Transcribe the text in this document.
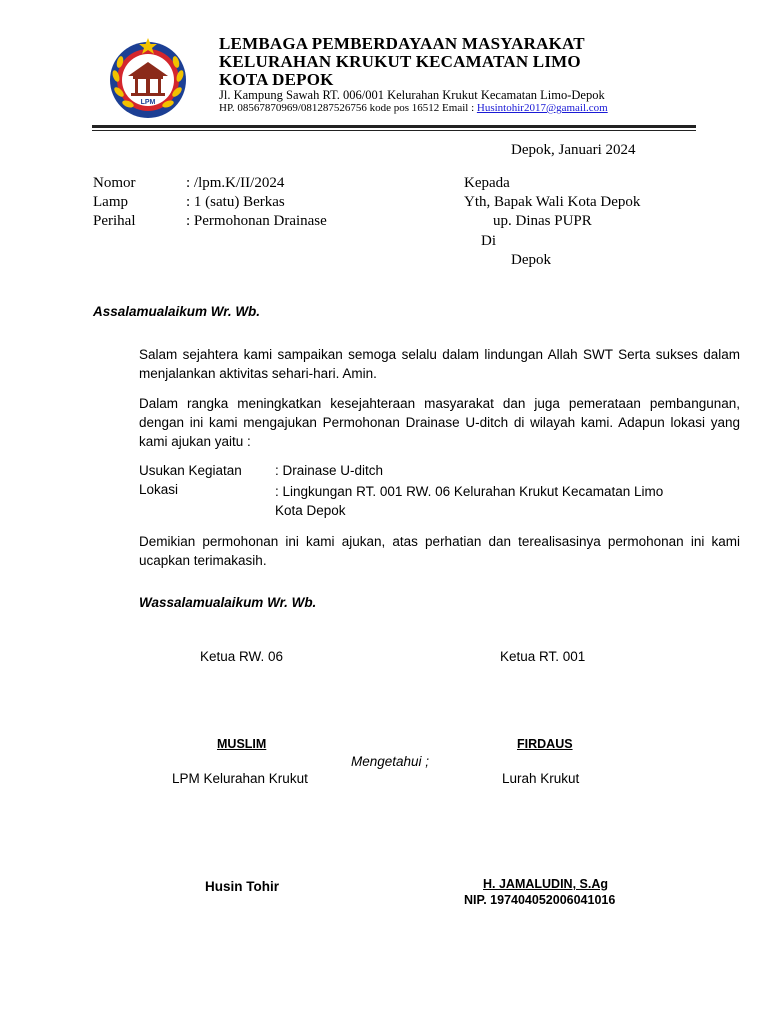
LPM
LEMBAGA PEMBERDAYAAN MASYARAKAT
KELURAHAN KRUKUT KECAMATAN LIMO
KOTA DEPOK
Jl. Kampung Sawah RT. 006/001 Kelurahan Krukut Kecamatan Limo-Depok
HP. 08567870969/081287526756 kode pos 16512 Email : Husintohir2017@gamail.com
Depok, Januari 2024
Nomor	: /lpm.K/II/2024
Lamp	: 1 (satu) Berkas
Perihal	: Permohonan Drainase
Kepada
Yth, Bapak Wali Kota Depok
up. Dinas PUPR
Di
Depok
Assalamualaikum Wr. Wb.
Salam sejahtera kami sampaikan semoga selalu dalam lindungan Allah SWT Serta sukses dalam menjalankan aktivitas sehari-hari. Amin.
Dalam rangka meningkatkan kesejahteraan masyarakat dan juga pemerataan pembangunan, dengan ini kami mengajukan Permohonan Drainase U-ditch di wilayah kami. Adapun lokasi yang kami ajukan yaitu :
Usukan Kegiatan : Drainase U-ditch
Lokasi	: Lingkungan RT. 001 RW. 06 Kelurahan Krukut Kecamatan Limo Kota Depok
Demikian permohonan ini kami ajukan, atas perhatian dan terealisasinya permohonan ini kami ucapkan terimakasih.
Wassalamualaikum Wr. Wb.
Ketua RW. 06	Ketua RT. 001
MUSLIM	FIRDAUS
Mengetahui ;
LPM Kelurahan Krukut	Lurah Krukut
Husin Tohir	H. JAMALUDIN, S.Ag
NIP. 197404052006041016
